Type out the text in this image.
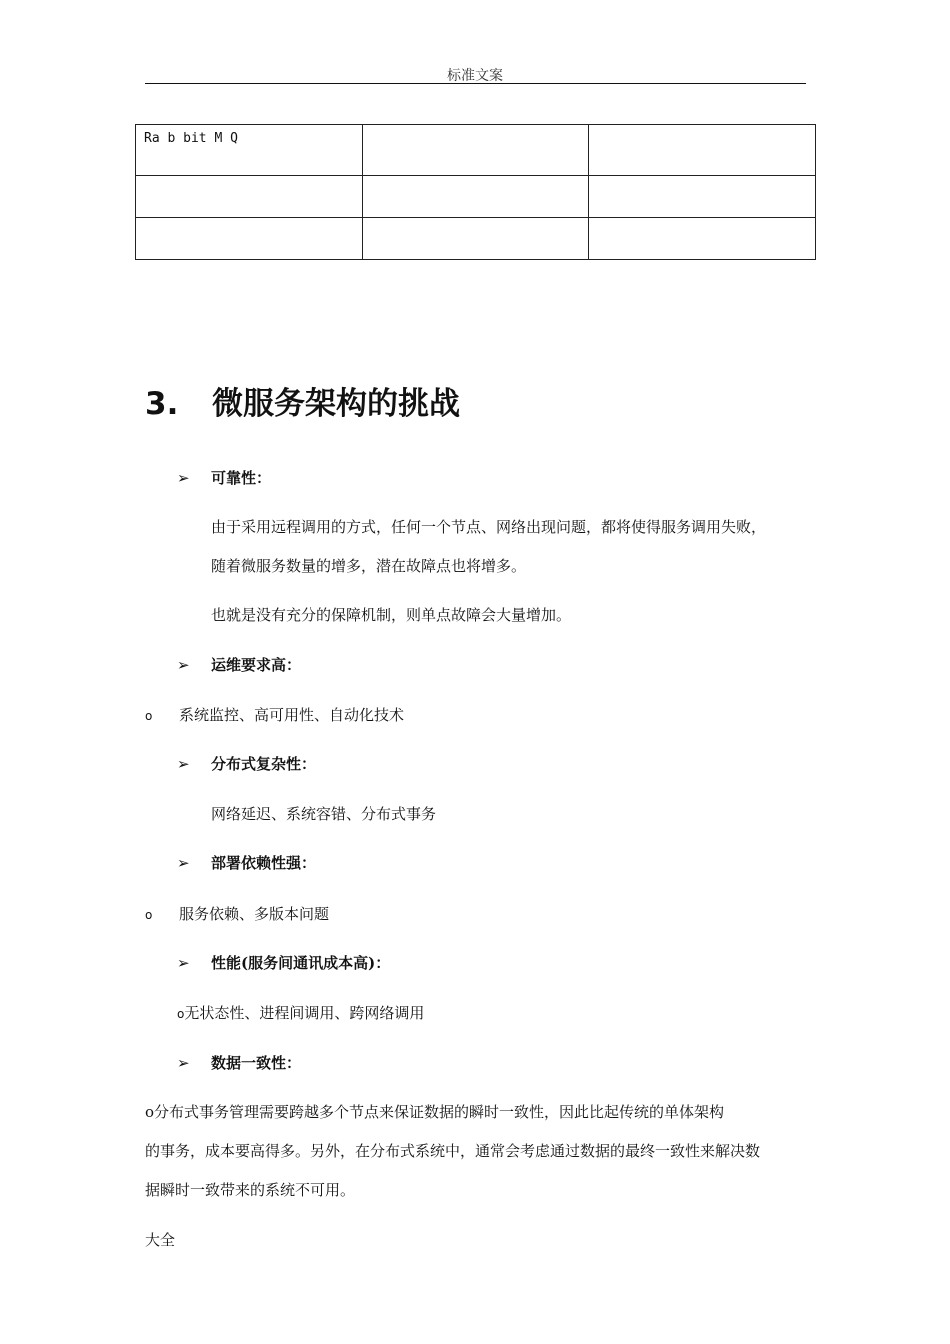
标准文案
Ra b bit M Q		

3.	微服务架构的挑战
➢	可靠性：
由于采用远程调用的方式，任何一个节点、网络出现问题，都将使得服务调用失败，
随着微服务数量的增多，潜在故障点也将增多。
也就是没有充分的保障机制，则单点故障会大量增加。
➢	运维要求高：
o 系统监控、高可用性、自动化技术
➢	分布式复杂性：
网络延迟、系统容错、分布式事务
➢	部署依赖性强：
o 服务依赖、多版本问题
➢	性能(服务间通讯成本高)：
o无状态性、进程间调用、跨网络调用
➢	数据一致性：
o分布式事务管理需要跨越多个节点来保证数据的瞬时一致性，因此比起传统的单体架构
的事务，成本要高得多。另外，在分布式系统中，通常会考虑通过数据的最终一致性来解决数
据瞬时一致带来的系统不可用。
大全
